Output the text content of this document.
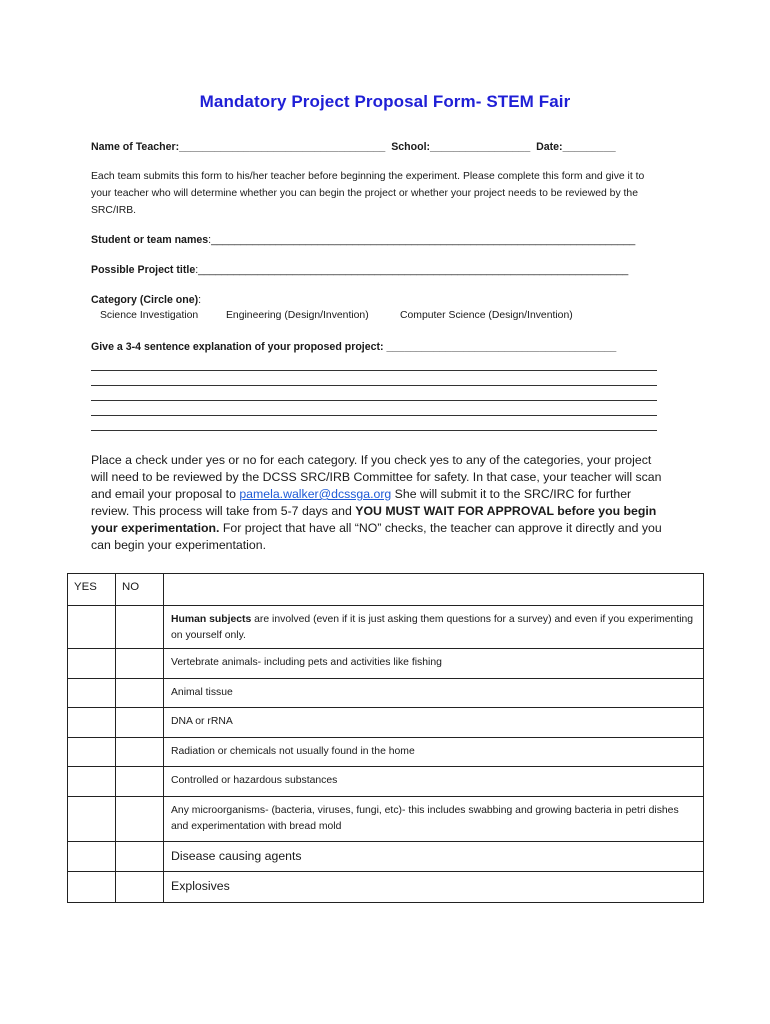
Mandatory Project Proposal Form- STEM Fair
Name of Teacher:___________________________________  School:_________________  Date:_________
Each team submits this form to his/her teacher before beginning the experiment. Please complete this form and give it to your teacher who will determine whether you can begin the project or whether your project needs to be reviewed by the SRC/IRB.
Student or team names:________________________________________________________________________
Possible Project title:_________________________________________________________________________
Category (Circle one):
Science Investigation	Engineering (Design/Invention)	Computer Science (Design/Invention)
Give a 3-4 sentence explanation of your proposed project: _______________________________________
Place a check under yes or no for each category. If you check yes to any of the categories, your project will need to be reviewed by the DCSS SRC/IRB Committee for safety. In that case, your teacher will scan and email your proposal to pamela.walker@dcssga.org She will submit it to the SRC/IRC for further review. This process will take from 5-7 days and YOU MUST WAIT FOR APPROVAL before you begin your experimentation. For project that have all “NO” checks, the teacher can approve it directly and you can begin your experimentation.
YES	NO	

		Human subjects are involved (even if it is just asking them questions for a survey) and even if you experimenting on yourself only.
		Vertebrate animals- including pets and activities like fishing
		Animal tissue
		DNA or rRNA
		Radiation or chemicals not usually found in the home
		Controlled or hazardous substances
		Any microorganisms- (bacteria, viruses, fungi, etc)- this includes swabbing and growing bacteria in petri dishes and experimentation with bread mold
		Disease causing agents
		Explosives
